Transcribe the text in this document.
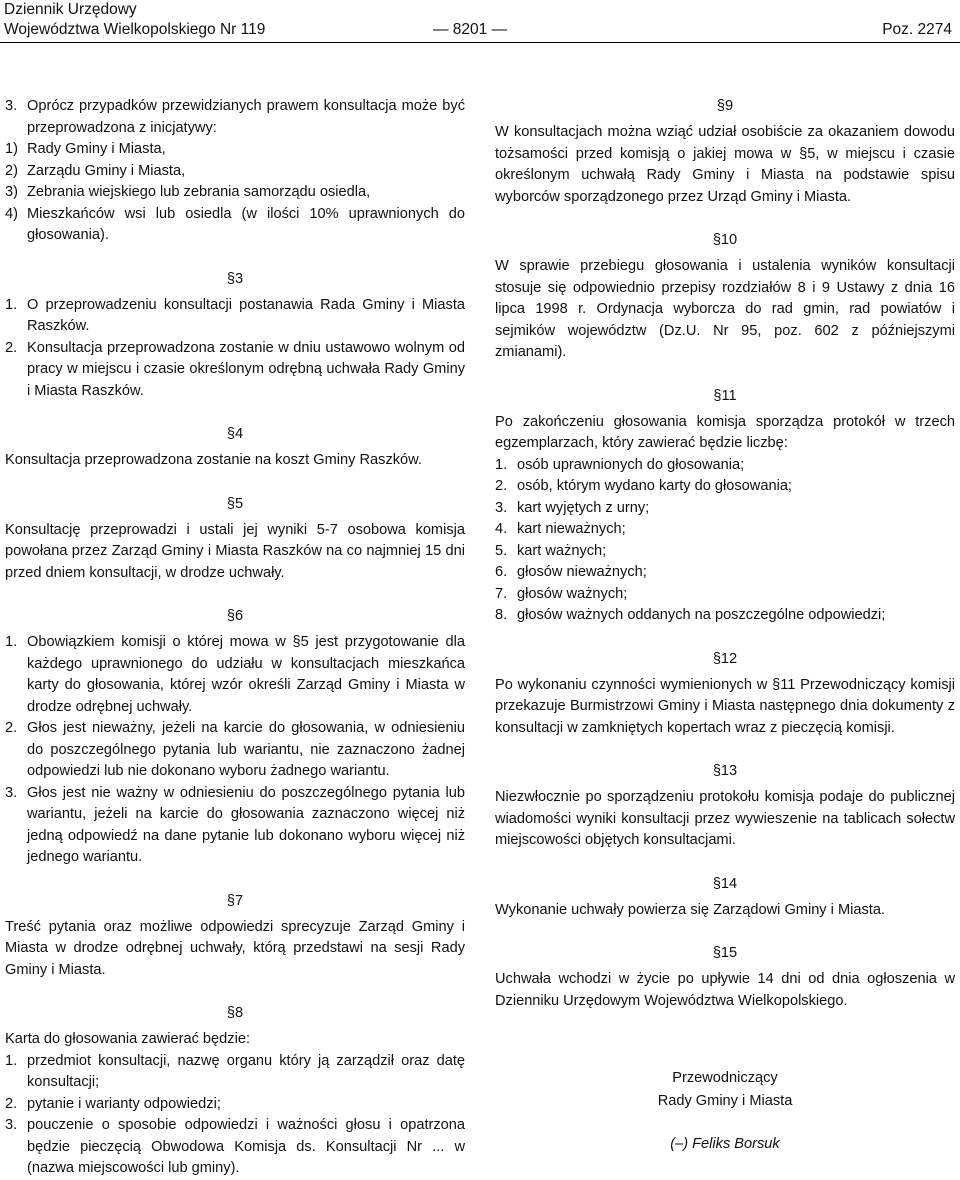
Dziennik Urzędowy
Województwa Wielkopolskiego Nr 119	— 8201 —	Poz. 2274
3. Oprócz przypadków przewidzianych prawem konsultacja może być przeprowadzona z inicjatywy:
1) Rady Gminy i Miasta,
2) Zarządu Gminy i Miasta,
3) Zebrania wiejskiego lub zebrania samorządu osiedla,
4) Mieszkańców wsi lub osiedla (w ilości 10% uprawnionych do głosowania).
§3
1. O przeprowadzeniu konsultacji postanawia Rada Gminy i Miasta Raszków.
2. Konsultacja przeprowadzona zostanie w dniu ustawowo wolnym od pracy w miejscu i czasie określonym odrębną uchwała Rady Gminy i Miasta Raszków.
§4

Konsultacja przeprowadzona zostanie na koszt Gminy Raszków.

§5

Konsultację przeprowadzi i ustali jej wyniki 5-7 osobowa komisja powołana przez Zarząd Gminy i Miasta Raszków na co najmniej 15 dni przed dniem konsultacji, w drodze uchwały.

§6
1. Obowiązkiem komisji o której mowa w §5 jest przygotowanie dla każdego uprawnionego do udziału w konsultacjach mieszkańca karty do głosowania, której wzór określi Zarząd Gminy i Miasta w drodze odrębnej uchwały.
2. Głos jest nieważny, jeżeli na karcie do głosowania, w odniesieniu do poszczególnego pytania lub wariantu, nie zaznaczono żadnej odpowiedzi lub nie dokonano wyboru żadnego wariantu.
3. Głos jest nie ważny w odniesieniu do poszczególnego pytania lub wariantu, jeżeli na karcie do głosowania zaznaczono więcej niż jedną odpowiedź na dane pytanie lub dokonano wyboru więcej niż jednego wariantu.
§7

Treść pytania oraz możliwe odpowiedzi sprecyzuje Zarząd Gminy i Miasta w drodze odrębnej uchwały, którą przedstawi na sesji Rady Gminy i Miasta.

§8

Karta do głosowania zawierać będzie:

1. przedmiot konsultacji, nazwę organu który ją zarządził oraz datę konsultacji;
2. pytanie i warianty odpowiedzi;
3. pouczenie o sposobie odpowiedzi i ważności głosu i opatrzona będzie pieczęcią Obwodowa Komisja ds. Konsultacji Nr ... w (nazwa miejscowości lub gminy).
§9

W konsultacjach można wziąć udział osobiście za okazaniem dowodu tożsamości przed komisją o jakiej mowa w §5, w miejscu i czasie określonym uchwałą Rady Gminy i Miasta na podstawie spisu wyborców sporządzonego przez Urząd Gminy i Miasta.

§10

W sprawie przebiegu głosowania i ustalenia wyników konsultacji stosuje się odpowiednio przepisy rozdziałów 8 i 9 Ustawy z dnia 16 lipca 1998 r. Ordynacja wyborcza do rad gmin, rad powiatów i sejmików województw (Dz.U. Nr 95, poz. 602 z późniejszymi zmianami).

§11

Po zakończeniu głosowania komisja sporządza protokół w trzech egzemplarzach, który zawierać będzie liczbę:

1. osób uprawnionych do głosowania;
2. osób, którym wydano karty do głosowania;
3. kart wyjętych z urny;
4. kart nieważnych;
5. kart ważnych;
6. głosów nieważnych;
7. głosów ważnych;
8. głosów ważnych oddanych na poszczególne odpowiedzi;
§12

Po wykonaniu czynności wymienionych w §11 Przewodniczący komisji przekazuje Burmistrzowi Gminy i Miasta następnego dnia dokumenty z konsultacji w zamkniętych kopertach wraz z pieczęcią komisji.

§13

Niezwłocznie po sporządzeniu protokołu komisja podaje do publicznej wiadomości wyniki konsultacji przez wywieszenie na tablicach sołectw miejscowości objętych konsultacjami.

§14

Wykonanie uchwały powierza się Zarządowi Gminy i Miasta.

§15

Uchwała wchodzi w życie po upływie 14 dni od dnia ogłoszenia w Dzienniku Urzędowym Województwa Wielkopolskiego.

Przewodniczący
Rady Gminy i Miasta
(–) Feliks Borsuk
